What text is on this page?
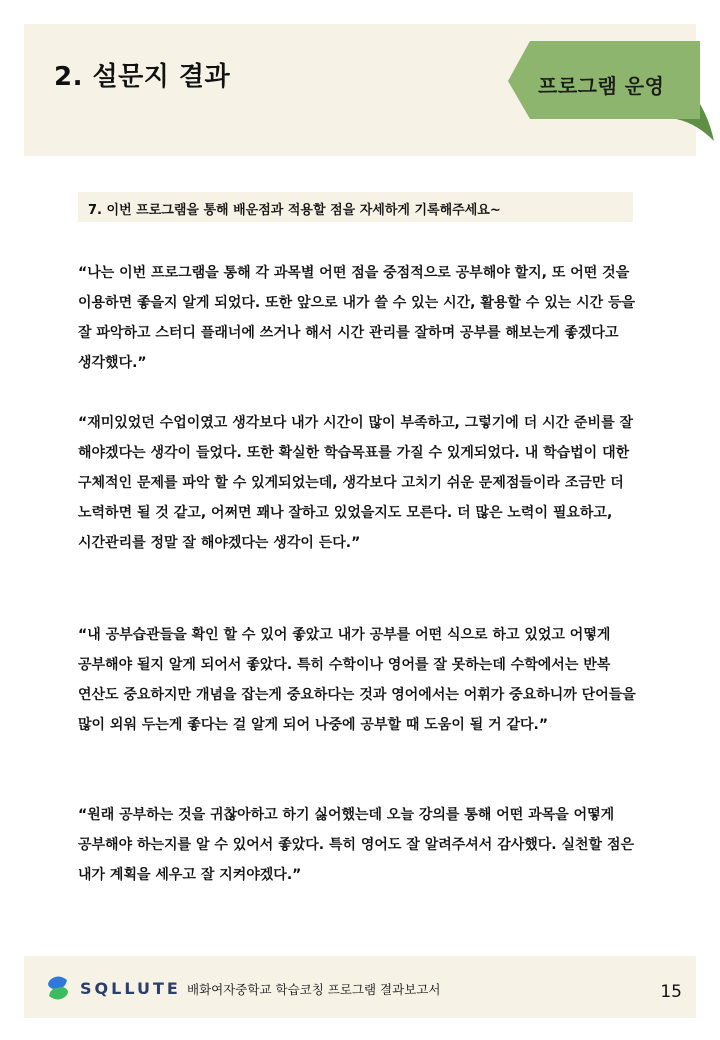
2. 설문지 결과	프로그램 운영
7. 이번 프로그램을 통해 배운점과 적용할 점을 자세하게 기록해주세요~

“나는 이번 프로그램을 통해 각 과목별 어떤 점을 중점적으로 공부해야 할지, 또 어떤 것을 이용하면 좋을지 알게 되었다. 또한 앞으로 내가 쓸 수 있는 시간, 활용할 수 있는 시간 등을 잘 파악하고 스터디 플래너에 쓰거나 해서 시간 관리를 잘하며 공부를 해보는게 좋겠다고 생각했다.”

“재미있었던 수업이였고 생각보다 내가 시간이 많이 부족하고, 그렇기에 더 시간 준비를 잘 해야겠다는 생각이 들었다. 또한 확실한 학습목표를 가질 수 있게되었다. 내 학습법이 대한 구체적인 문제를 파악 할 수 있게되었는데, 생각보다 고치기 쉬운 문제점들이라 조금만 더 노력하면 될 것 같고, 어쩌면 꽤나 잘하고 있었을지도 모른다. 더 많은 노력이 필요하고, 시간관리를 정말 잘 해야겠다는 생각이 든다.”

“내 공부습관들을 확인 할 수 있어 좋았고 내가 공부를 어떤 식으로 하고 있었고 어떻게 공부해야 될지 알게 되어서 좋았다. 특히 수학이나 영어를 잘 못하는데 수학에서는 반복 연산도 중요하지만 개념을 잡는게 중요하다는 것과 영어에서는 어휘가 중요하니까 단어들을 많이 외워 두는게 좋다는 걸 알게 되어 나중에 공부할 때 도움이 될 거 같다.”

“원래 공부하는 것을 귀찮아하고 하기 싫어했는데 오늘 강의를 통해 어떤 과목을 어떻게 공부해야 하는지를 알 수 있어서 좋았다. 특히 영어도 잘 알려주셔서 감사했다. 실천할 점은 내가 계획을 세우고 잘 지켜야겠다.”

SQLLUTE 배화여자중학교 학습코칭 프로그램 결과보고서	15
